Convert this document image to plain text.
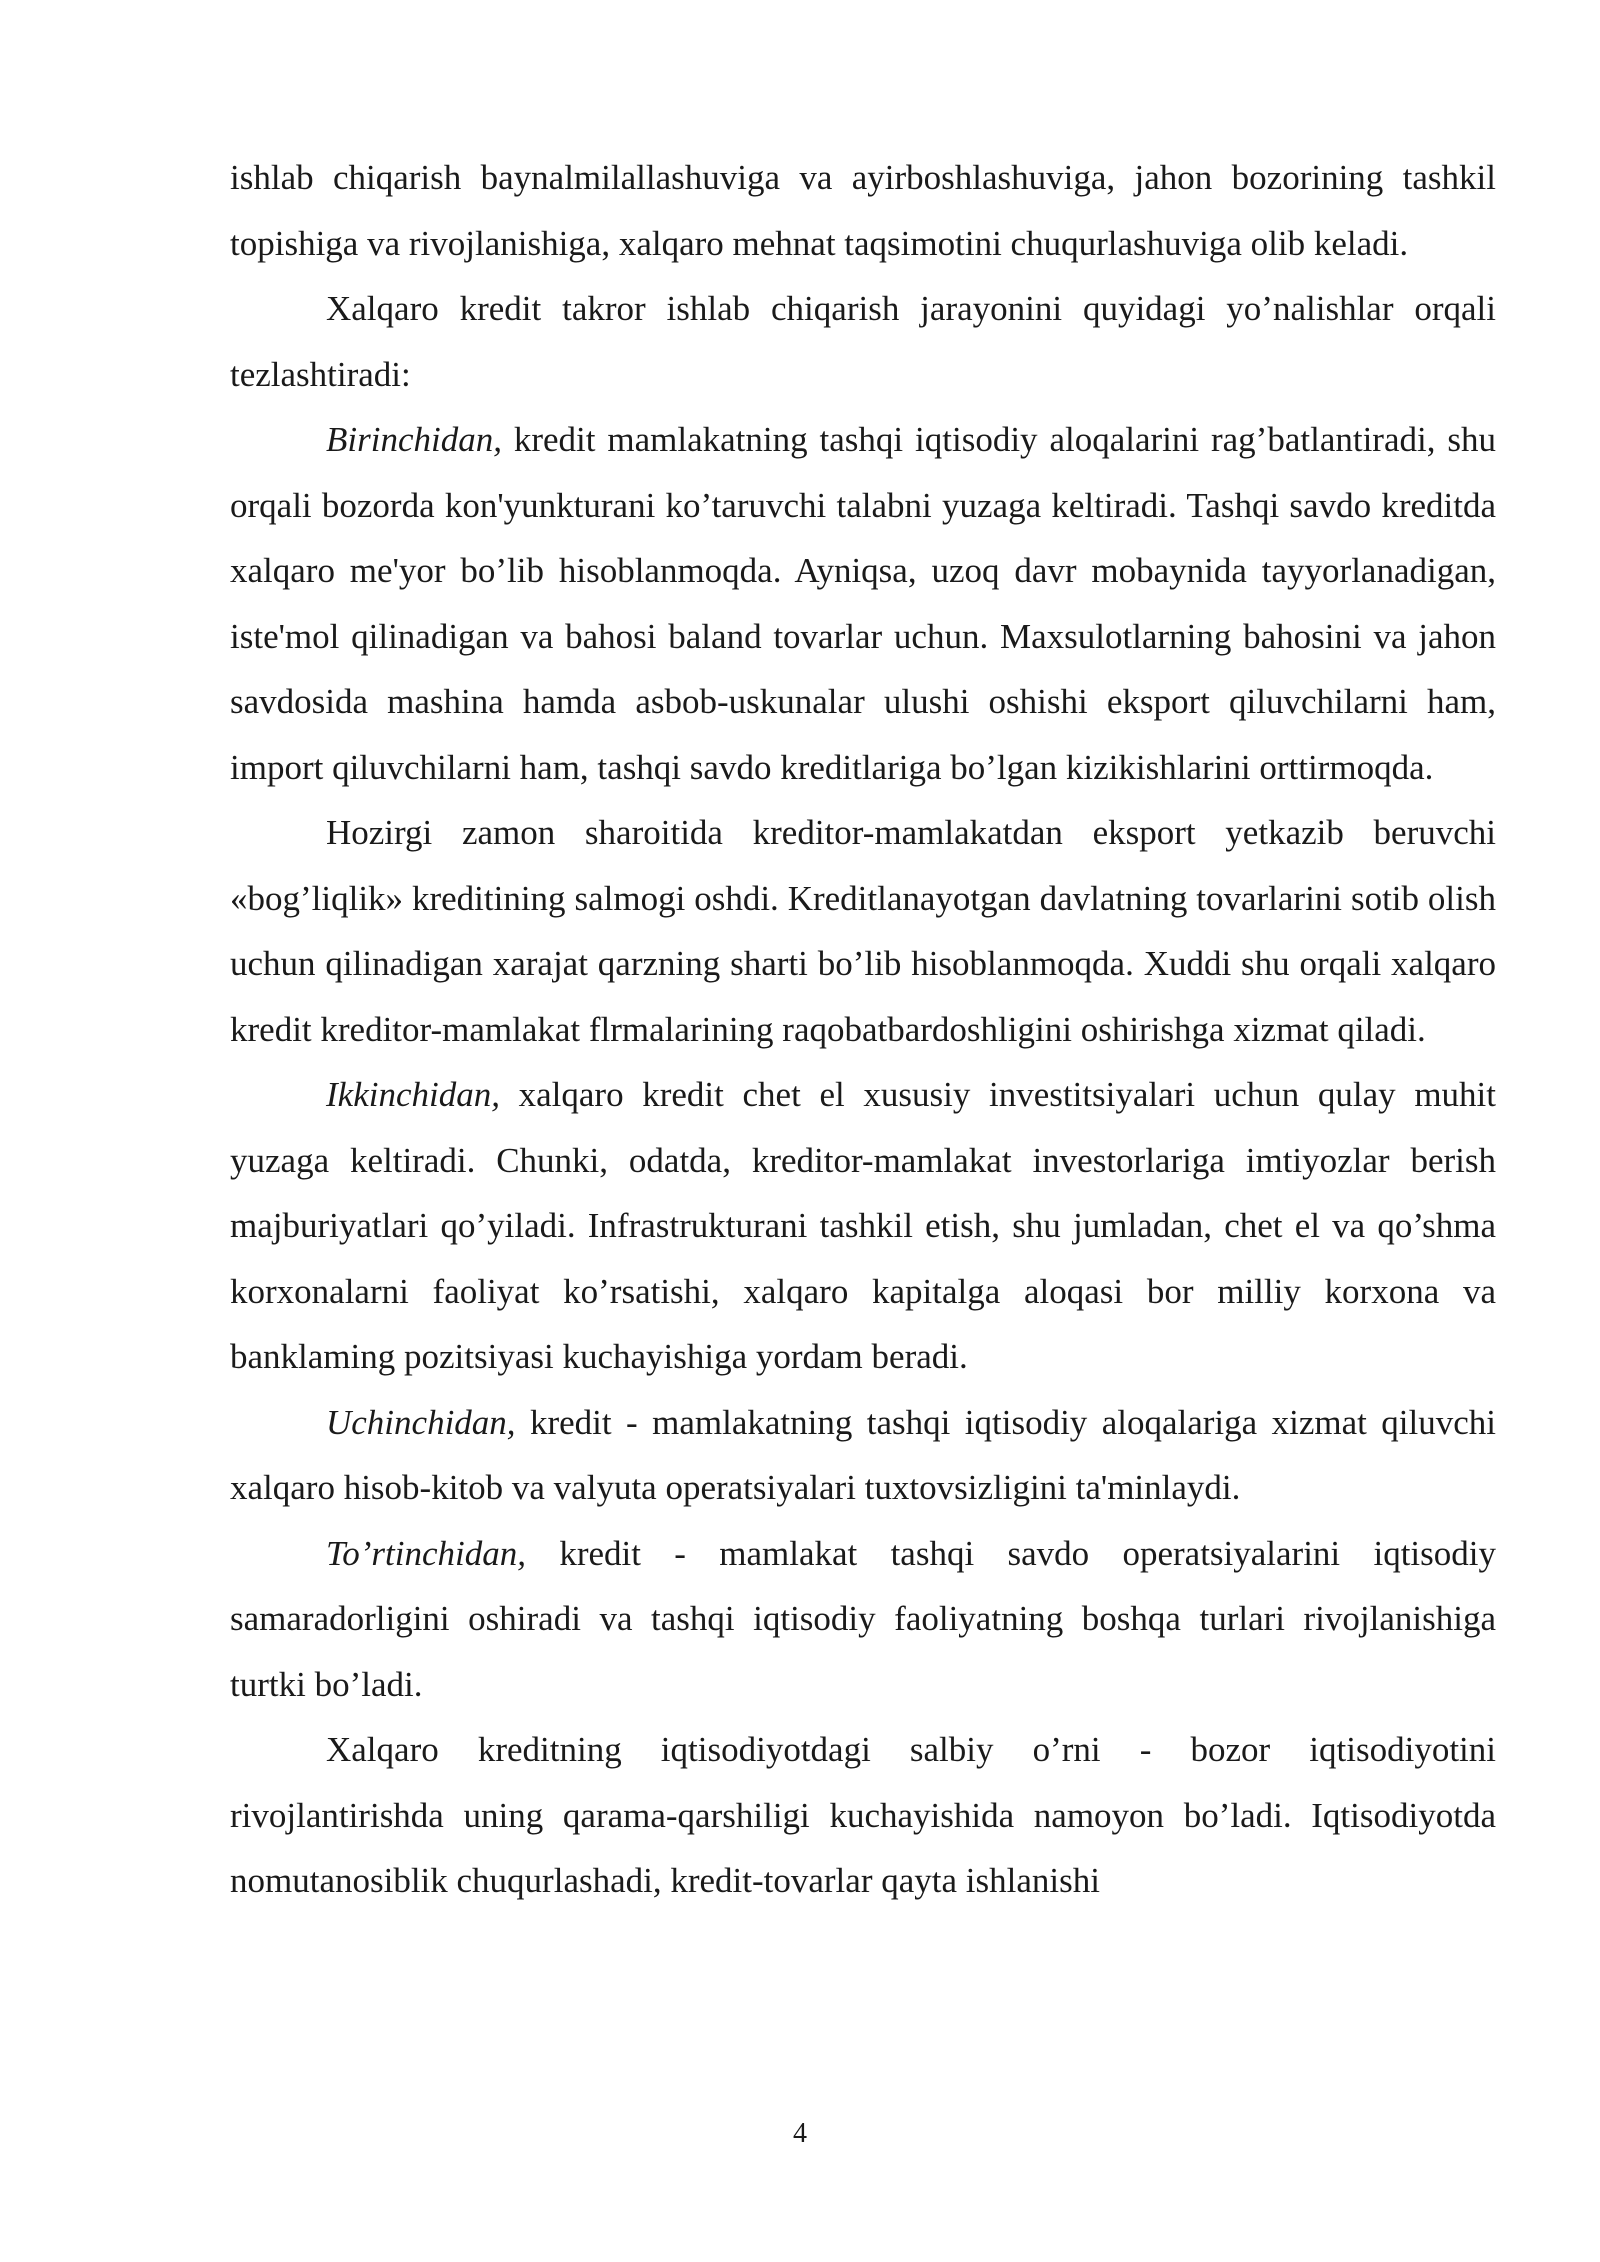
ishlab chiqarish baynalmilallashuviga va ayirboshlashuviga, jahon bozorining tashkil topishiga va rivojlanishiga, xalqaro mehnat taqsimotini chuqurlashuviga olib keladi.

Xalqaro kredit takror ishlab chiqarish jarayonini quyidagi yo’nalishlar orqali tezlashtiradi:

Birinchidan, kredit mamlakatning tashqi iqtisodiy aloqalarini rag’batlantiradi, shu orqali bozorda kon'yunkturani ko’taruvchi talabni yuzaga keltiradi. Tashqi savdo kreditda xalqaro me'yor bo’lib hisoblanmoqda. Ayniqsa, uzoq davr mobaynida tayyorlanadigan, iste'mol qilinadigan va bahosi baland tovarlar uchun. Maxsulotlarning bahosini va jahon savdosida mashina hamda asbob-uskunalar ulushi oshishi eksport qiluvchilarni ham, import qiluvchilarni ham, tashqi savdo kreditlariga bo’lgan kizikishlarini orttirmoqda.

Hozirgi zamon sharoitida kreditor-mamlakatdan eksport yetkazib beruvchi «bog’liqlik» kreditining salmogi oshdi. Kreditlanayotgan davlatning tovarlarini sotib olish uchun qilinadigan xarajat qarzning sharti bo’lib hisoblanmoqda. Xuddi shu orqali xalqaro kredit kreditor-mamlakat flrmalarining raqobatbardoshligini oshirishga xizmat qiladi.

Ikkinchidan, xalqaro kredit chet el xususiy investitsiyalari uchun qulay muhit yuzaga keltiradi. Chunki, odatda, kreditor-mamlakat investorlariga imtiyozlar berish majburiyatlari qo’yiladi. Infrastrukturani tashkil etish, shu jumladan, chet el va qo’shma korxonalarni faoliyat ko’rsatishi, xalqaro kapitalga aloqasi bor milliy korxona va banklaming pozitsiyasi kuchayishiga yordam beradi.

Uchinchidan, kredit - mamlakatning tashqi iqtisodiy aloqalariga xizmat qiluvchi xalqaro hisob-kitob va valyuta operatsiyalari tuxtovsizligini ta'minlaydi.

To’rtinchidan, kredit - mamlakat tashqi savdo operatsiyalarini iqtisodiy samaradorligini oshiradi va tashqi iqtisodiy faoliyatning boshqa turlari rivojlanishiga turtki bo’ladi.

Xalqaro kreditning iqtisodiyotdagi salbiy o’rni - bozor iqtisodiyotini rivojlantirishda uning qarama-qarshiligi kuchayishida namoyon bo’ladi. Iqtisodiyotda nomutanosiblik chuqurlashadi, kredit-tovarlar qayta ishlanishi

4
